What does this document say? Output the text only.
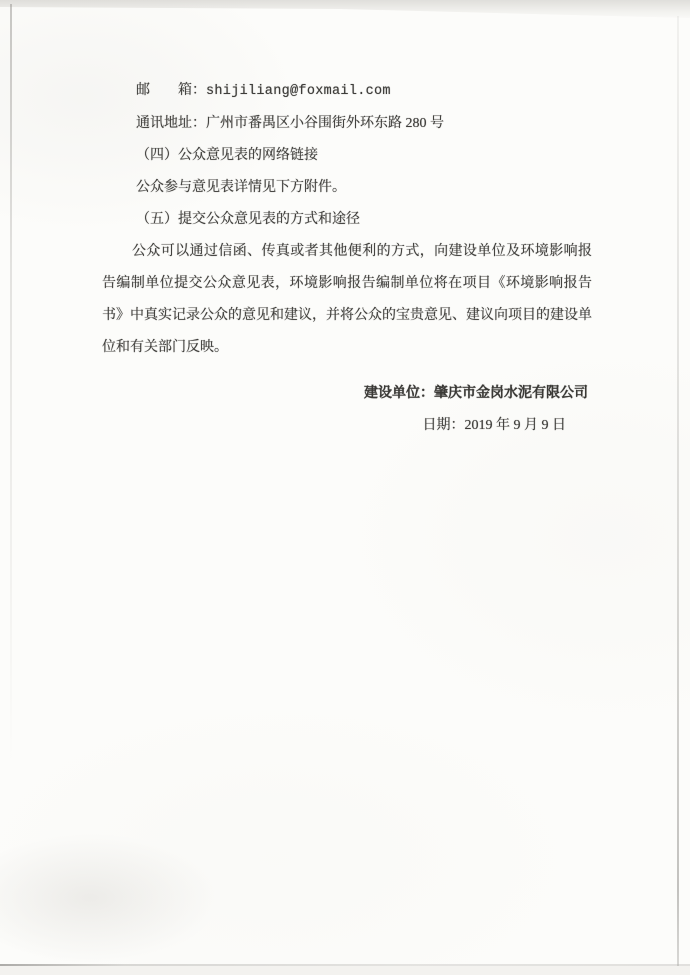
邮　　箱：shijiliang@foxmail.com

通讯地址：广州市番禺区小谷围街外环东路 280 号

（四）公众意见表的网络链接

公众参与意见表详情见下方附件。

（五）提交公众意见表的方式和途径

公众可以通过信函、传真或者其他便利的方式，向建设单位及环境影响报告编制单位提交公众意见表，环境影响报告编制单位将在项目《环境影响报告书》中真实记录公众的意见和建议，并将公众的宝贵意见、建议向项目的建设单位和有关部门反映。

建设单位：肇庆市金岗水泥有限公司

日期：2019 年 9 月 9 日
